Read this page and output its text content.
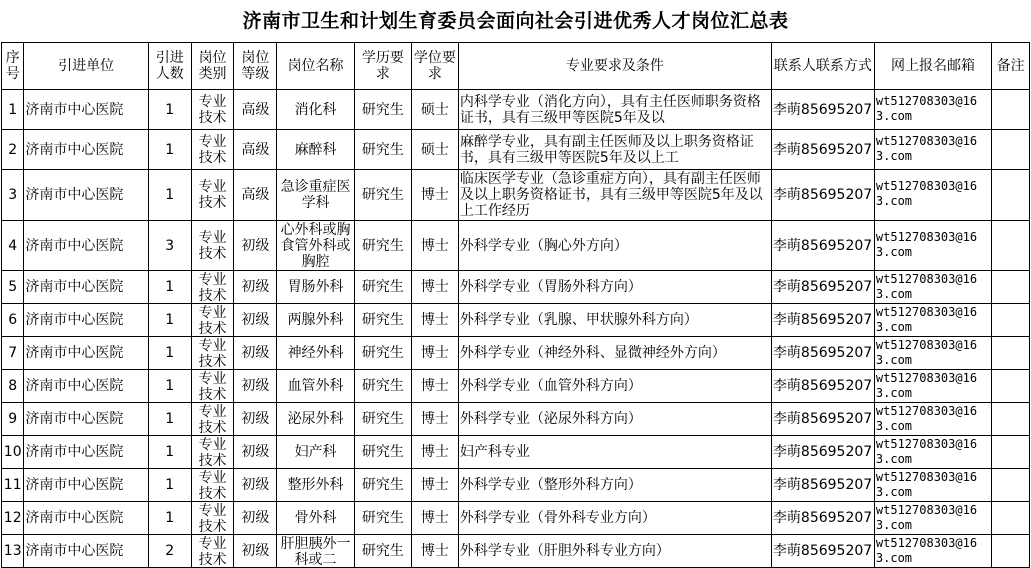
济南市卫生和计划生育委员会面向社会引进优秀人才岗位汇总表
序号	引进单位	引进人数	岗位类别	岗位等级	岗位名称	学历要求	学位要求	专业要求及条件	联系人联系方式	网上报名邮箱	备注

1	济南市中心医院	1	专业技术	高级	消化科	研究生	硕士	内科学专业（消化方向），具有主任医师职务资格证书，具有三级甲等医院5年及以	李萌85695207	wt512708303@163.com	

2	济南市中心医院	1	专业技术	高级	麻醉科	研究生	硕士	麻醉学专业，具有副主任医师及以上职务资格证书，具有三级甲等医院5年及以上工	李萌85695207	wt512708303@163.com	

3	济南市中心医院	1	专业技术	高级	急诊重症医学科	研究生	博士	临床医学专业（急诊重症方向），具有副主任医师及以上职务资格证书，具有三级甲等医院5年及以上工作经历	李萌85695207	wt512708303@163.com	

4	济南市中心医院	3	专业技术	初级	心外科或胸食管外科或胸腔	研究生	博士	外科学专业（胸心外方向）	李萌85695207	wt512708303@163.com	

5	济南市中心医院	1	专业技术	初级	胃肠外科	研究生	博士	外科学专业（胃肠外科方向）	李萌85695207	wt512708303@163.com	

6	济南市中心医院	1	专业技术	初级	两腺外科	研究生	博士	外科学专业（乳腺、甲状腺外科方向）	李萌85695207	wt512708303@163.com	

7	济南市中心医院	1	专业技术	初级	神经外科	研究生	博士	外科学专业（神经外科、显微神经外方向）	李萌85695207	wt512708303@163.com	

8	济南市中心医院	1	专业技术	初级	血管外科	研究生	博士	外科学专业（血管外科方向）	李萌85695207	wt512708303@163.com	

9	济南市中心医院	1	专业技术	初级	泌尿外科	研究生	博士	外科学专业（泌尿外科方向）	李萌85695207	wt512708303@163.com	

10	济南市中心医院	1	专业技术	初级	妇产科	研究生	博士	妇产科专业	李萌85695207	wt512708303@163.com	

11	济南市中心医院	1	专业技术	初级	整形外科	研究生	博士	外科学专业（整形外科方向）	李萌85695207	wt512708303@163.com	

12	济南市中心医院	1	专业技术	初级	骨外科	研究生	博士	外科学专业（骨外科专业方向）	李萌85695207	wt512708303@163.com	

13	济南市中心医院	2	专业技术	初级	肝胆胰外一科或二	研究生	博士	外科学专业（肝胆外科专业方向）	李萌85695207	wt512708303@163.com	
